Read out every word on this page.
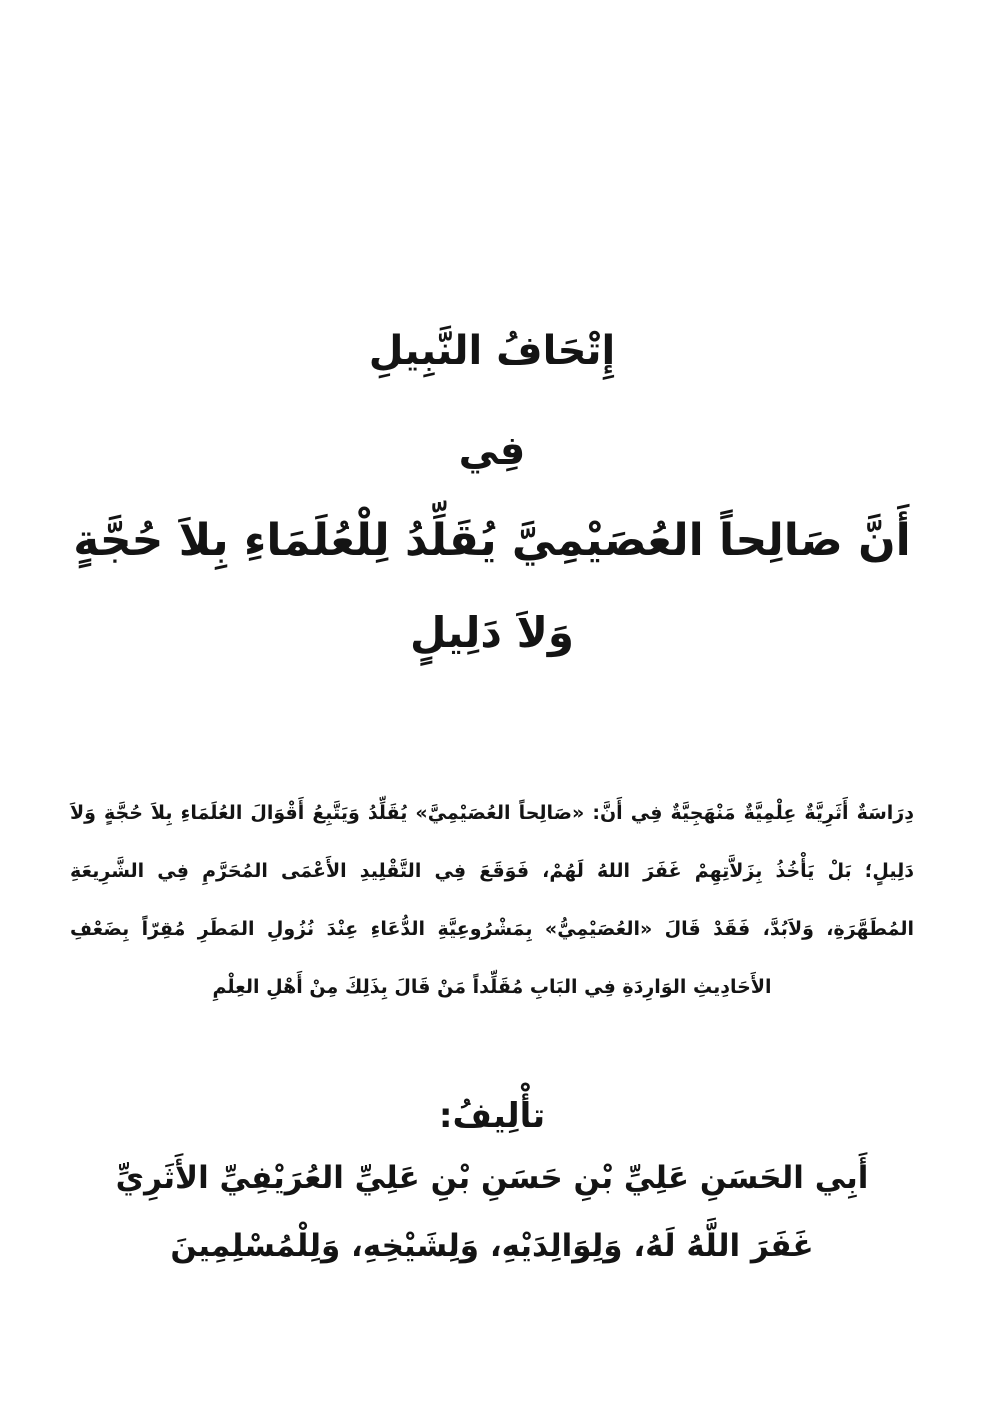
إِتْحَافُ النَّبِيلِ
فِي
أَنَّ صَالِحاً العُصَيْمِيَّ يُقَلِّدُ لِلْعُلَمَاءِ بِلاَ حُجَّةٍ
وَلاَ دَلِيلٍ
دِرَاسَةٌ أَثَرِيَّةٌ عِلْمِيَّةٌ مَنْهَجِيَّةٌ فِي أَنَّ: «صَالِحاً العُصَيْمِيَّ» يُقَلِّدُ وَيَتَّبِعُ أَقْوَالَ العُلَمَاءِ بِلاَ حُجَّةٍ وَلاَ دَلِيلٍ؛ بَلْ يَأْخُذُ بِزَلاَّتِهِمْ غَفَرَ اللهُ لَهُمْ، فَوَقَعَ فِي التَّقْلِيدِ الأَعْمَى المُحَرَّمِ فِي الشَّرِيعَةِ المُطَهَّرَةِ، وَلاَبُدَّ، فَقَدْ قَالَ «العُصَيْمِيُّ» بِمَشْرُوعِيَّةِ الدُّعَاءِ عِنْدَ نُزُولِ المَطَرِ مُقِرّاً بِضَعْفِ الأَحَادِيثِ الوَارِدَةِ فِي البَابِ مُقَلِّداً مَنْ قَالَ بِذَلِكَ مِنْ أَهْلِ العِلْمِ
تأْلِيفُ:
أَبِي الحَسَنِ عَلِيِّ بْنِ حَسَنِ بْنِ عَلِيِّ العُرَيْفِيِّ الأَثَرِيِّ
غَفَرَ اللَّهُ لَهُ، وَلِوَالِدَيْهِ، وَلِشَيْخِهِ، وَلِلْمُسْلِمِينَ
